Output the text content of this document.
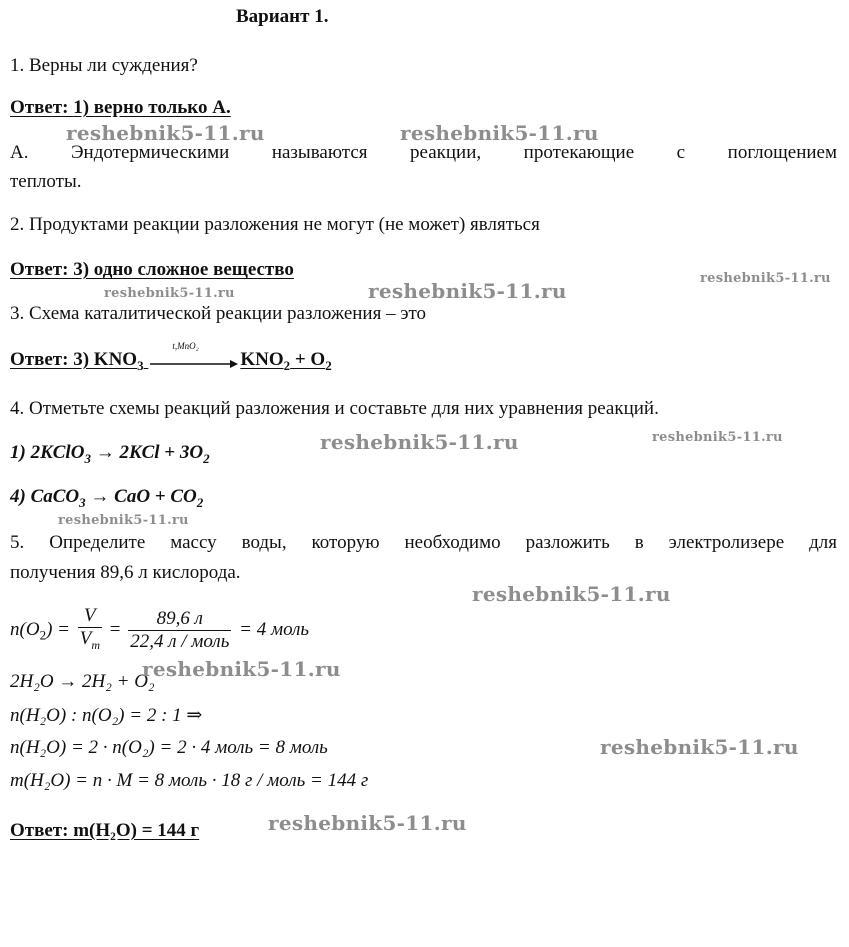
Вариант 1.
1. Верны ли суждения?
Ответ: 1) верно только А.
А. Эндотермическими называются реакции, протекающие с поглощением
теплоты.
2. Продуктами реакции разложения не могут (не может) являться
Ответ: 3) одно сложное вещество
3. Схема каталитической реакции разложения – это
Ответ: 3) $KNO_3$
t,MnO₂
$KNO_2 + O_2$
4. Отметьте схемы реакций разложения и составьте для них уравнения реакций.
1) 2KClO$_3$ → $2KCl + 3O_2$
4) CaCO$_3$ → CaO + $CO_2$
5. Определите массу воды, которую необходимо разложить в электролизере для
получения 89,6 л кислорода.
$n(O_2) = \frac{V}{V_m} = \frac{89,6 л}{\text{22,4 л / моль}} = 4$ моль
2H₂O → 2H₂ + O₂
n(H₂O) : n(O₂) = 2 : 1 ⇒
n(H₂O) = 2 · n(O₂) = 2 · 4 моль = 8 моль
m(H₂O) = n · M = 8 моль · 18 г / моль = 144 г
Ответ: m(H₂O) = 144 г
reshebnik5-11.ru	reshebnik5-11.ru
reshebnik5-11.ru	reshebnik5-11.ru
reshebnik5-11.ru
reshebnik5-11.ru	reshebnik5-11.ru
reshebnik5-11.ru
reshebnik5-11.ru
reshebnik5-11.ru
reshebnik5-11.ru
reshebnik5-11.ru
